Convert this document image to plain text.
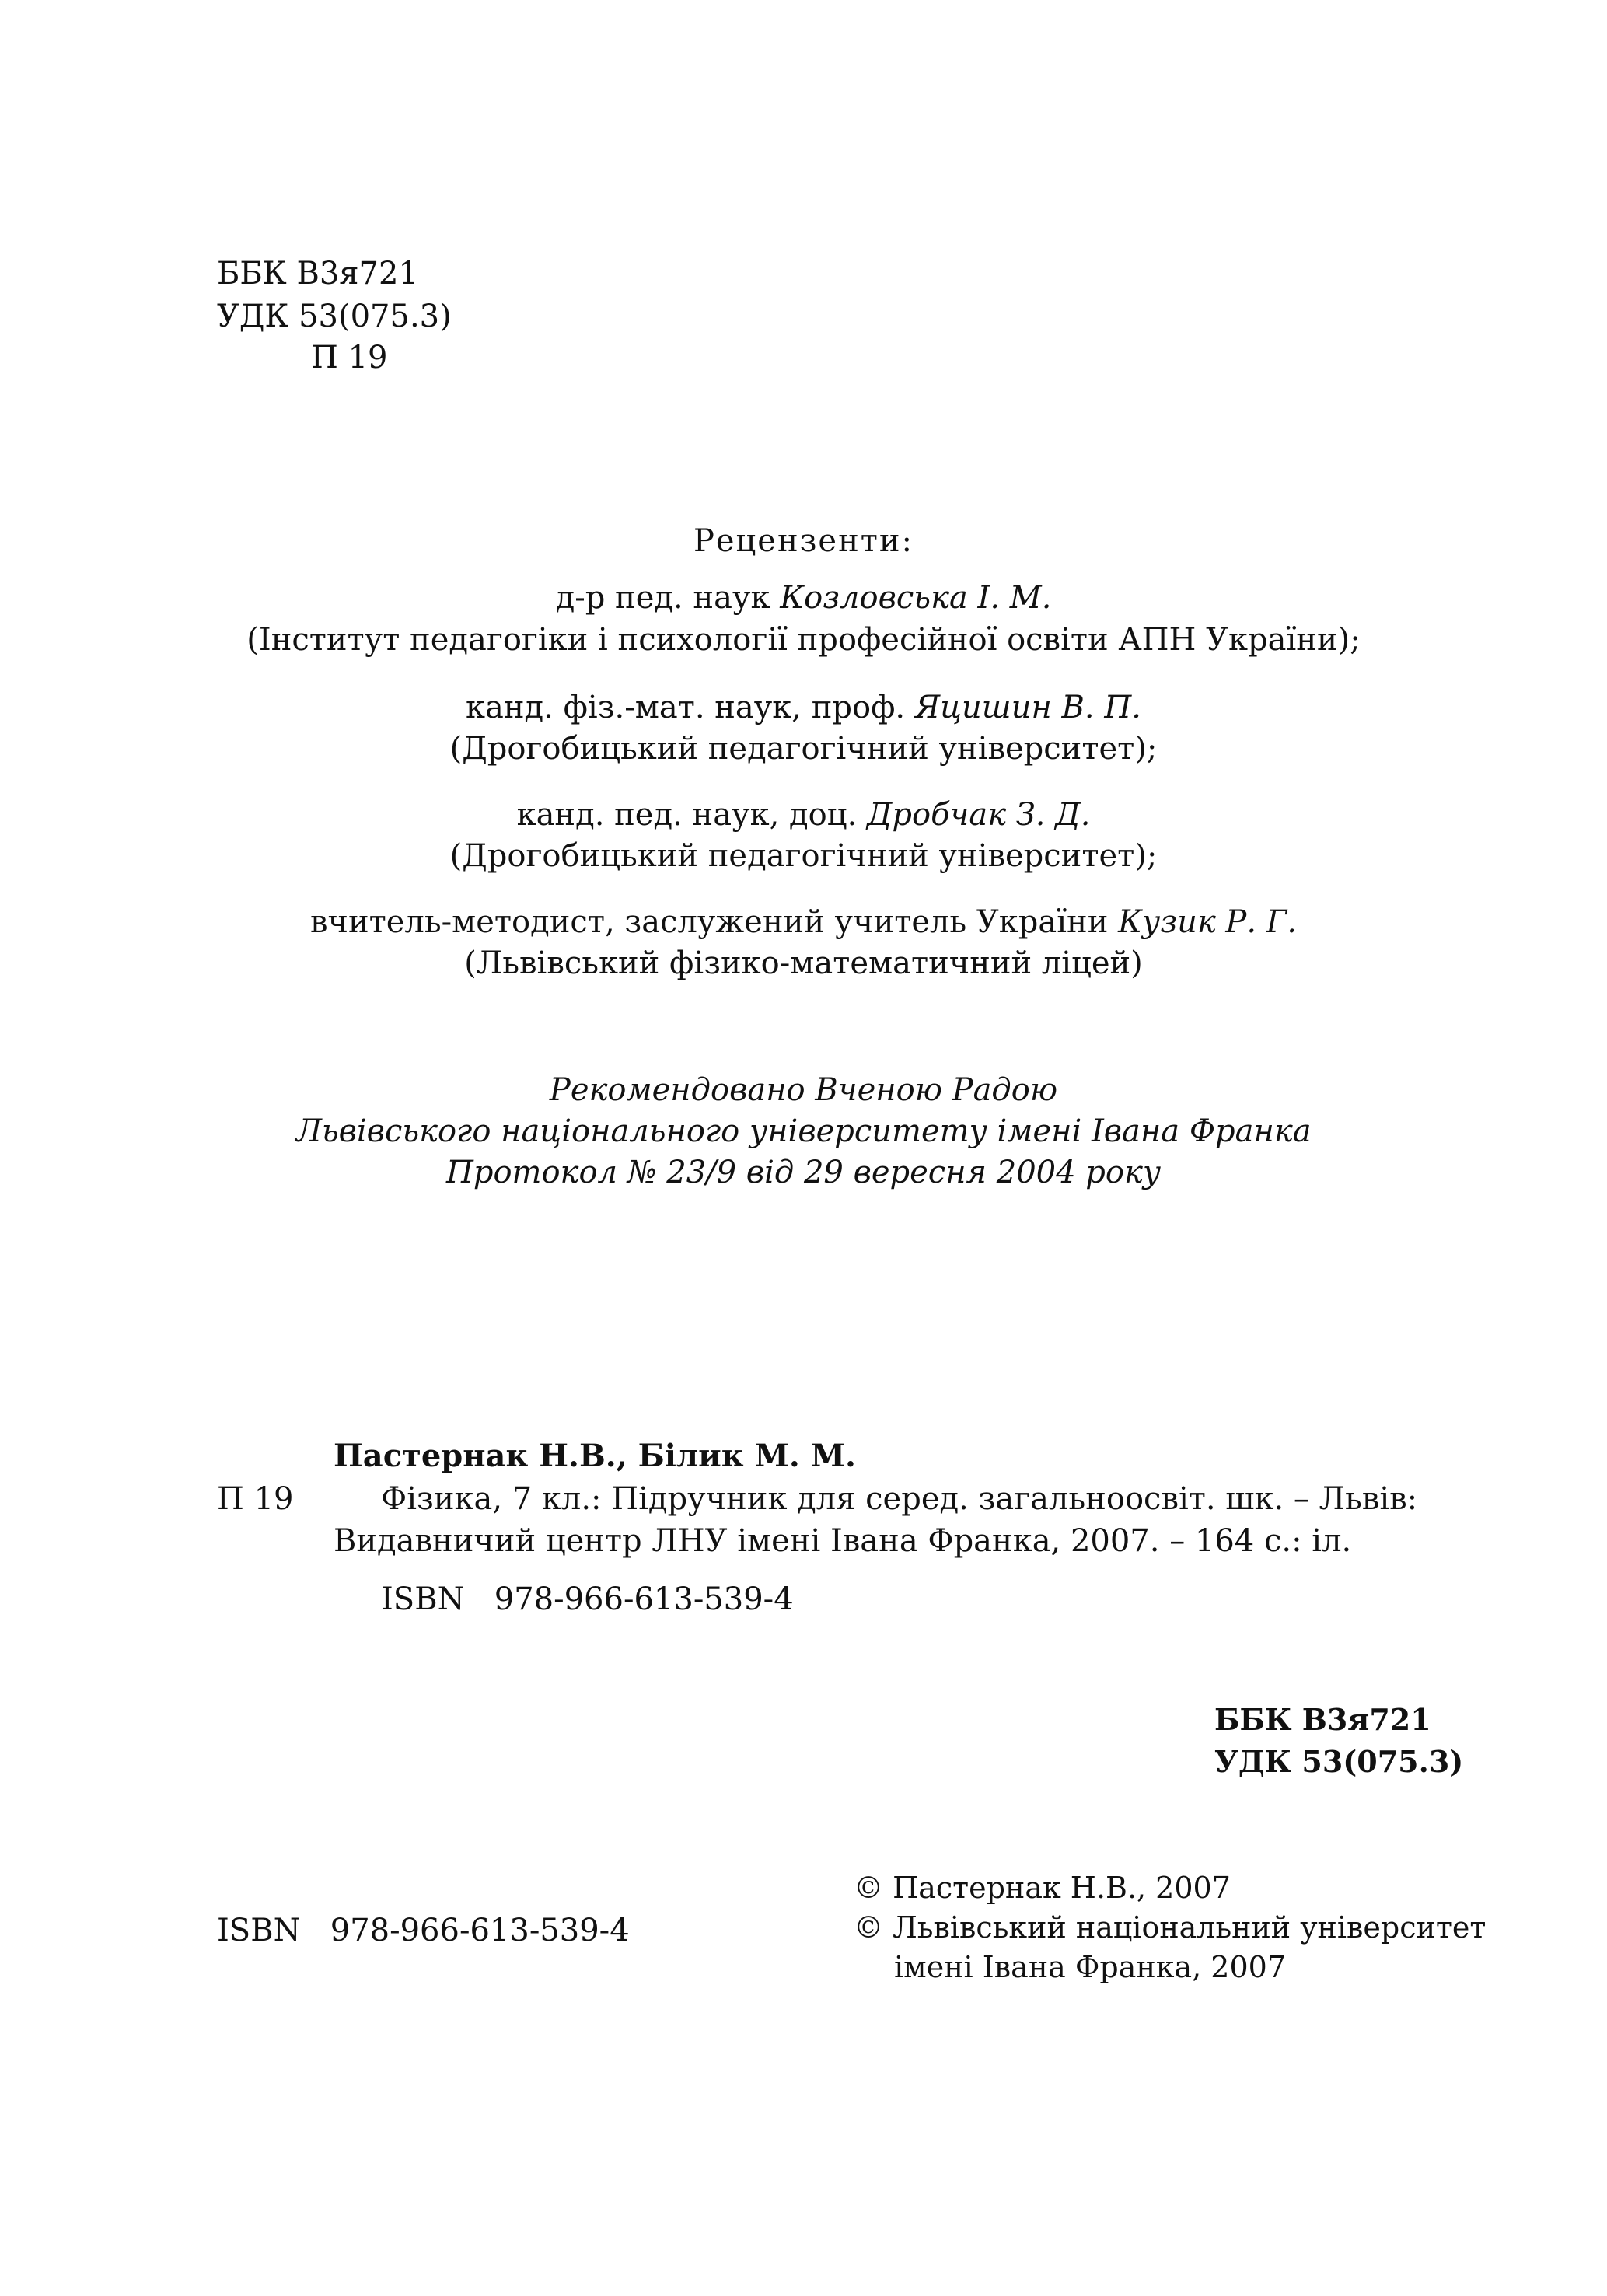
ББК В3я721
УДК 53(075.3)
П 19
Рецензенти:
д-р пед. наук Козловська І. М.
(Інститут педагогіки і психології професійної освіти АПН України);
канд. фіз.-мат. наук, проф. Яцишин В. П.
(Дрогобицький педагогічний університет);
канд. пед. наук, доц. Дробчак З. Д.
(Дрогобицький педагогічний університет);
вчитель-методист, заслужений учитель України Кузик Р. Г.
(Львівський фізико-математичний ліцей)
Рекомендовано Вченою Радою
Львівського національного університету імені Івана Франка
Протокол № 23/9 від 29 вересня 2004 року
Пастернак Н.В., Білик М. М.
П 19	Фізика, 7 кл.: Підручник для серед. загальноосвіт. шк. – Львів:
Видавничий центр ЛНУ імені Івана Франка, 2007. – 164 с.: іл.
ISBN   978-966-613-539-4
ББК В3я721
УДК 53(075.3)
ISBN   978-966-613-539-4
© Пастернак Н.В., 2007
© Львівський національний університет
імені Івана Франка, 2007
